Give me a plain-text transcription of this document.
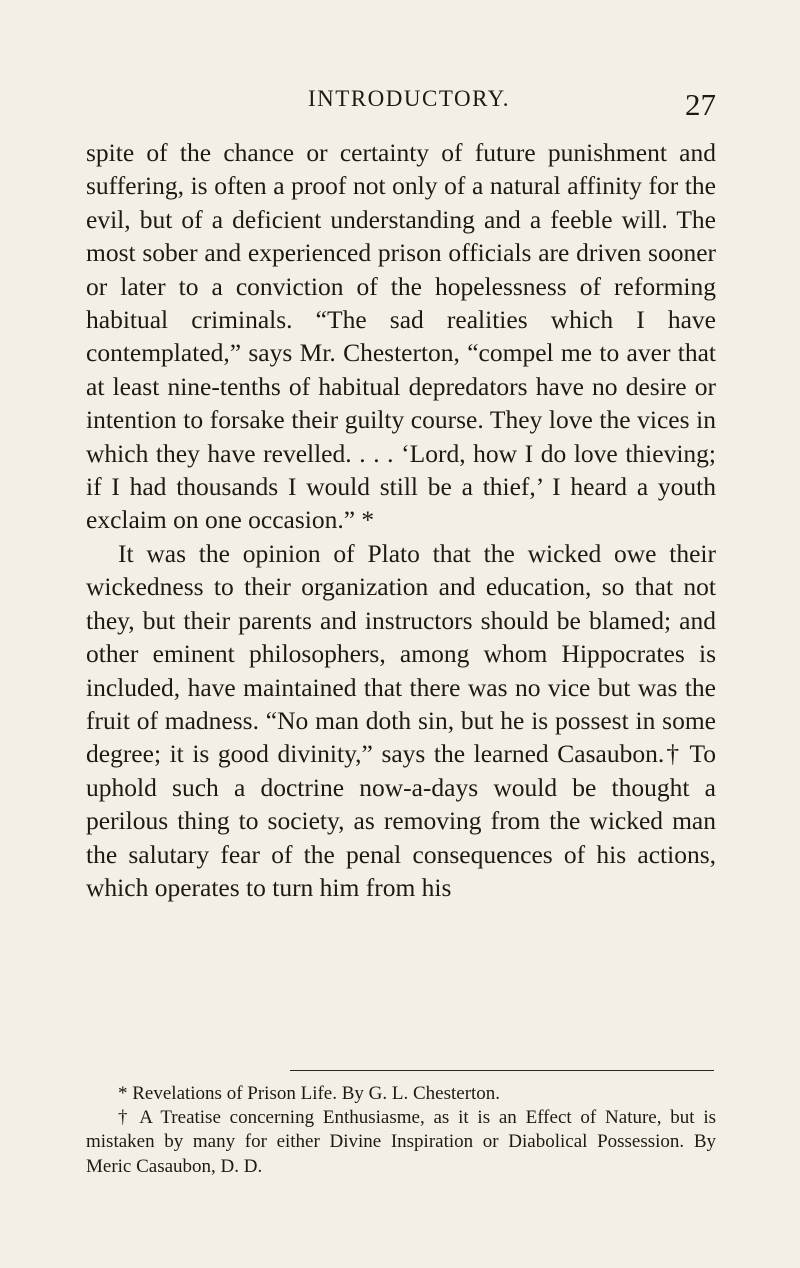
INTRODUCTORY.	27

spite of the chance or certainty of future punishment and suffering, is often a proof not only of a natural affinity for the evil, but of a deficient understanding and a feeble will. The most sober and experienced prison officials are driven sooner or later to a conviction of the hopelessness of reforming habitual criminals. “The sad realities which I have contemplated,” says Mr. Chesterton, “compel me to aver that at least nine-tenths of habitual depredators have no desire or intention to forsake their guilty course. They love the vices in which they have revelled. . . . ‘Lord, how I do love thieving; if I had thousands I would still be a thief,’ I heard a youth exclaim on one occasion.” *

It was the opinion of Plato that the wicked owe their wickedness to their organization and education, so that not they, but their parents and instructors should be blamed; and other eminent philosophers, among whom Hippocrates is included, have maintained that there was no vice but was the fruit of madness. “No man doth sin, but he is possest in some degree; it is good divinity,” says the learned Casaubon.† To uphold such a doctrine now-a-days would be thought a perilous thing to society, as removing from the wicked man the salutary fear of the penal consequences of his actions, which operates to turn him from his

* Revelations of Prison Life. By G. L. Chesterton.

† A Treatise concerning Enthusiasme, as it is an Effect of Nature, but is mistaken by many for either Divine Inspiration or Diabolical Possession. By Meric Casaubon, D. D.
